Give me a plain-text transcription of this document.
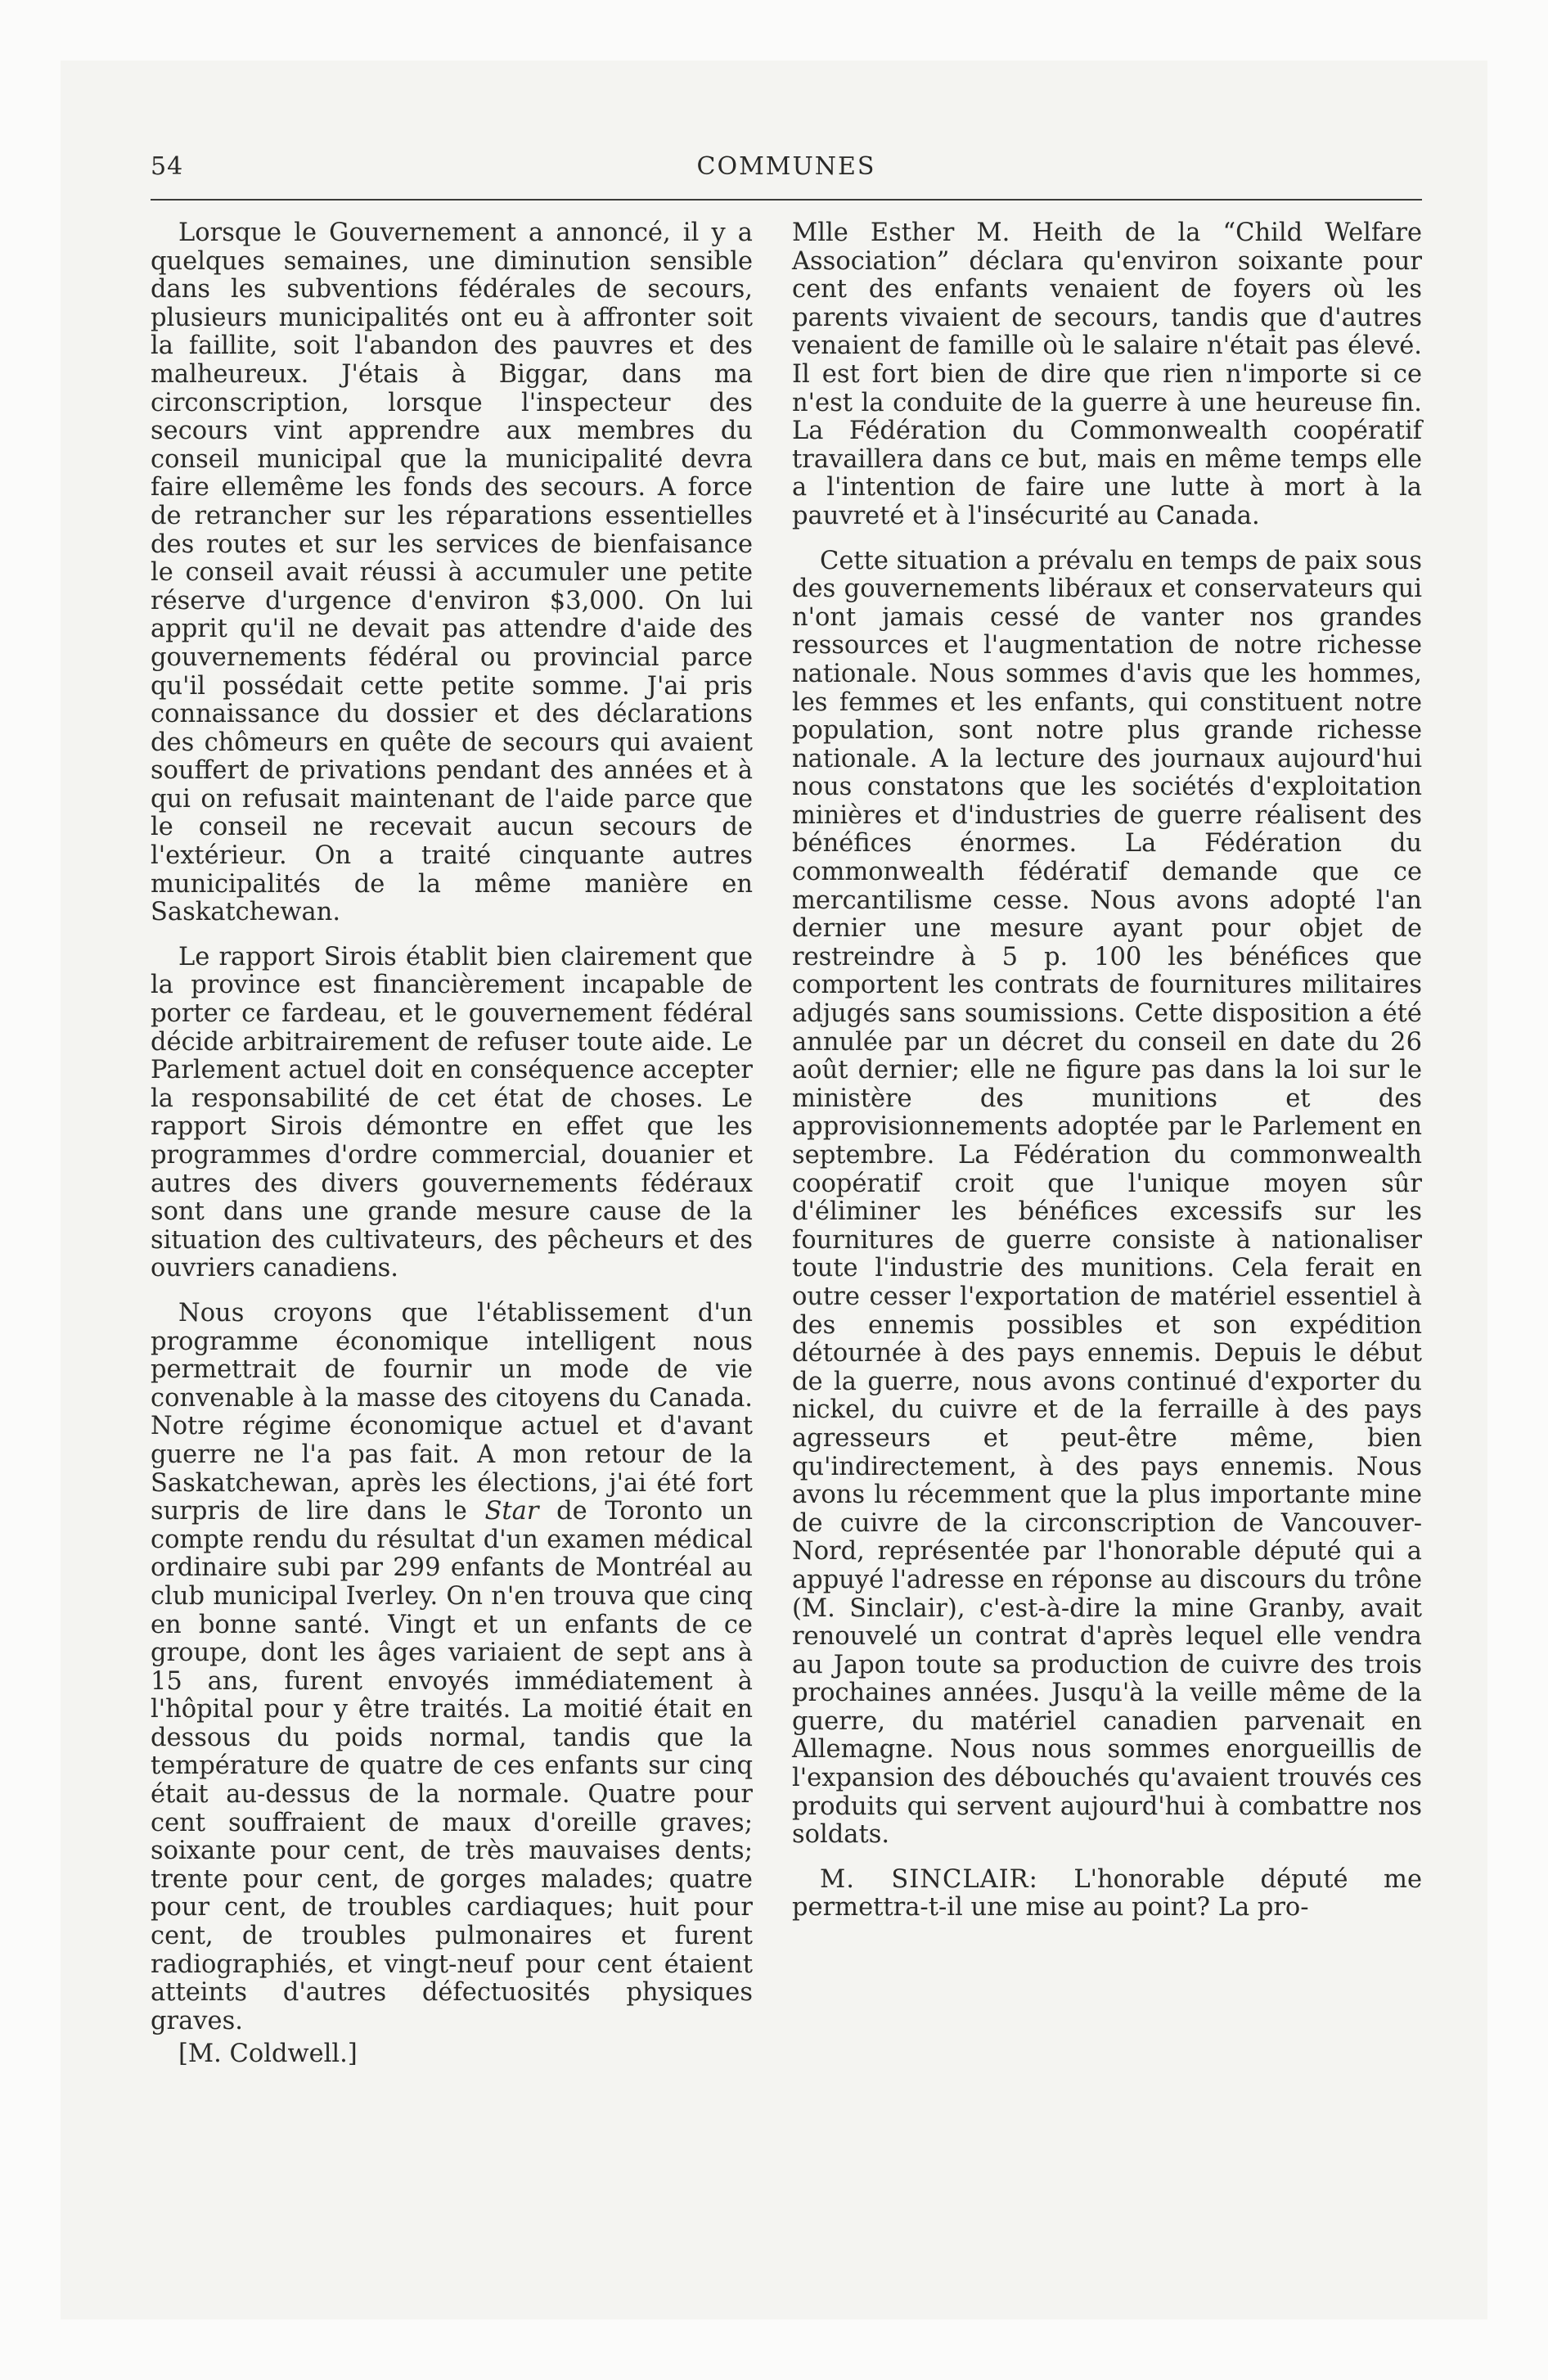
54	COMMUNES

Lorsque le Gouvernement a annoncé, il y a quelques semaines, une diminution sensible dans les subventions fédérales de secours, plusieurs municipalités ont eu à affronter soit la faillite, soit l'abandon des pauvres et des malheureux. J'étais à Biggar, dans ma circonscription, lorsque l'inspecteur des secours vint apprendre aux membres du conseil municipal que la municipalité devra faire ellemême les fonds des secours. A force de retrancher sur les réparations essentielles des routes et sur les services de bienfaisance le conseil avait réussi à accumuler une petite réserve d'urgence d'environ $3,000. On lui apprit qu'il ne devait pas attendre d'aide des gouvernements fédéral ou provincial parce qu'il possédait cette petite somme. J'ai pris connaissance du dossier et des déclarations des chômeurs en quête de secours qui avaient souffert de privations pendant des années et à qui on refusait maintenant de l'aide parce que le conseil ne recevait aucun secours de l'extérieur. On a traité cinquante autres municipalités de la même manière en Saskatchewan.

Le rapport Sirois établit bien clairement que la province est financièrement incapable de porter ce fardeau, et le gouvernement fédéral décide arbitrairement de refuser toute aide. Le Parlement actuel doit en conséquence accepter la responsabilité de cet état de choses. Le rapport Sirois démontre en effet que les programmes d'ordre commercial, douanier et autres des divers gouvernements fédéraux sont dans une grande mesure cause de la situation des cultivateurs, des pêcheurs et des ouvriers canadiens.

Nous croyons que l'établissement d'un programme économique intelligent nous permettrait de fournir un mode de vie convenable à la masse des citoyens du Canada. Notre régime économique actuel et d'avant guerre ne l'a pas fait. A mon retour de la Saskatchewan, après les élections, j'ai été fort surpris de lire dans le Star de Toronto un compte rendu du résultat d'un examen médical ordinaire subi par 299 enfants de Montréal au club municipal Iverley. On n'en trouva que cinq en bonne santé. Vingt et un enfants de ce groupe, dont les âges variaient de sept ans à 15 ans, furent envoyés immédiatement à l'hôpital pour y être traités. La moitié était en dessous du poids normal, tandis que la température de quatre de ces enfants sur cinq était au-dessus de la normale. Quatre pour cent souffraient de maux d'oreille graves; soixante pour cent, de très mauvaises dents; trente pour cent, de gorges malades; quatre pour cent, de troubles cardiaques; huit pour cent, de troubles pulmonaires et furent radiographiés, et vingt-neuf pour cent étaient atteints d'autres défectuosités physiques graves.

[M. Coldwell.]

Mlle Esther M. Heith de la “Child Welfare Association” déclara qu'environ soixante pour cent des enfants venaient de foyers où les parents vivaient de secours, tandis que d'autres venaient de famille où le salaire n'était pas élevé. Il est fort bien de dire que rien n'importe si ce n'est la conduite de la guerre à une heureuse fin. La Fédération du Commonwealth coopératif travaillera dans ce but, mais en même temps elle a l'intention de faire une lutte à mort à la pauvreté et à l'insécurité au Canada.

Cette situation a prévalu en temps de paix sous des gouvernements libéraux et conservateurs qui n'ont jamais cessé de vanter nos grandes ressources et l'augmentation de notre richesse nationale. Nous sommes d'avis que les hommes, les femmes et les enfants, qui constituent notre population, sont notre plus grande richesse nationale. A la lecture des journaux aujourd'hui nous constatons que les sociétés d'exploitation minières et d'industries de guerre réalisent des bénéfices énormes. La Fédération du commonwealth fédératif demande que ce mercantilisme cesse. Nous avons adopté l'an dernier une mesure ayant pour objet de restreindre à 5 p. 100 les bénéfices que comportent les contrats de fournitures militaires adjugés sans soumissions. Cette disposition a été annulée par un décret du conseil en date du 26 août dernier; elle ne figure pas dans la loi sur le ministère des munitions et des approvisionnements adoptée par le Parlement en septembre. La Fédération du commonwealth coopératif croit que l'unique moyen sûr d'éliminer les bénéfices excessifs sur les fournitures de guerre consiste à nationaliser toute l'industrie des munitions. Cela ferait en outre cesser l'exportation de matériel essentiel à des ennemis possibles et son expédition détournée à des pays ennemis. Depuis le début de la guerre, nous avons continué d'exporter du nickel, du cuivre et de la ferraille à des pays agresseurs et peut-être même, bien qu'indirectement, à des pays ennemis. Nous avons lu récemment que la plus importante mine de cuivre de la circonscription de Vancouver-Nord, représentée par l'honorable député qui a appuyé l'adresse en réponse au discours du trône (M. Sinclair), c'est-à-dire la mine Granby, avait renouvelé un contrat d'après lequel elle vendra au Japon toute sa production de cuivre des trois prochaines années. Jusqu'à la veille même de la guerre, du matériel canadien parvenait en Allemagne. Nous nous sommes enorgueillis de l'expansion des débouchés qu'avaient trouvés ces produits qui servent aujourd'hui à combattre nos soldats.

M. SINCLAIR: L'honorable député me permettra-t-il une mise au point? La pro-
